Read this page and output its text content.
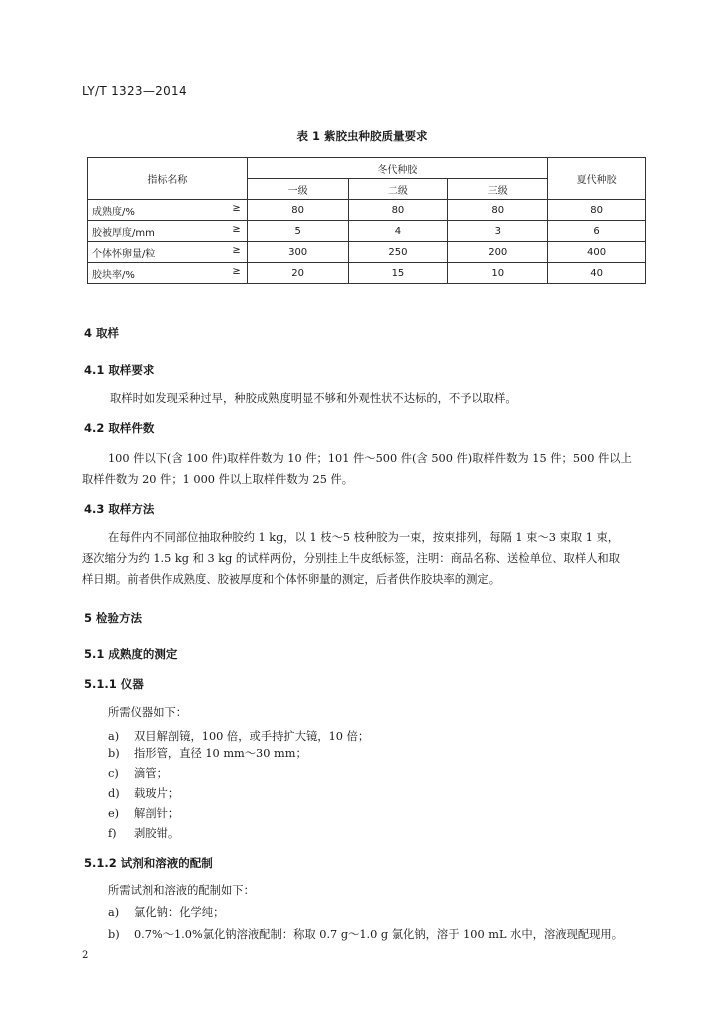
LY/T 1323—2014
表 1 紫胶虫种胶质量要求
指标名称	冬代种胶			夏代种胶
	一级	二级	三级	
成熟度/% ≥	80	80	80	80
胶被厚度/mm ≥	5	4	3	6
个体怀卵量/粒 ≥	300	250	200	400
胶块率/% ≥	20	15	10	40
4 取样
4.1 取样要求
取样时如发现采种过早，种胶成熟度明显不够和外观性状不达标的，不予以取样。
4.2 取样件数
100 件以下(含 100 件)取样件数为 10 件；101 件～500 件(含 500 件)取样件数为 15 件；500 件以上
取样件数为 20 件；1 000 件以上取样件数为 25 件。
4.3 取样方法
在每件内不同部位抽取种胶约 1 kg，以 1 枝～5 枝种胶为一束，按束排列，每隔 1 束～3 束取 1 束，
逐次缩分为约 1.5 kg 和 3 kg 的试样两份，分别挂上牛皮纸标签，注明：商品名称、送检单位、取样人和取
样日期。前者供作成熟度、胶被厚度和个体怀卵量的测定，后者供作胶块率的测定。
5 检验方法
5.1 成熟度的测定
5.1.1 仪器
所需仪器如下：
a) 双目解剖镜，100 倍，或手持扩大镜，10 倍；
b) 指形管，直径 10 mm～30 mm；
c) 滴管；
d) 载玻片；
e) 解剖针；
f) 剥胶钳。
5.1.2 试剂和溶液的配制
所需试剂和溶液的配制如下：
a) 氯化钠：化学纯；
b) 0.7%～1.0%氯化钠溶液配制：称取 0.7 g～1.0 g 氯化钠，溶于 100 mL 水中，溶液现配现用。
2
